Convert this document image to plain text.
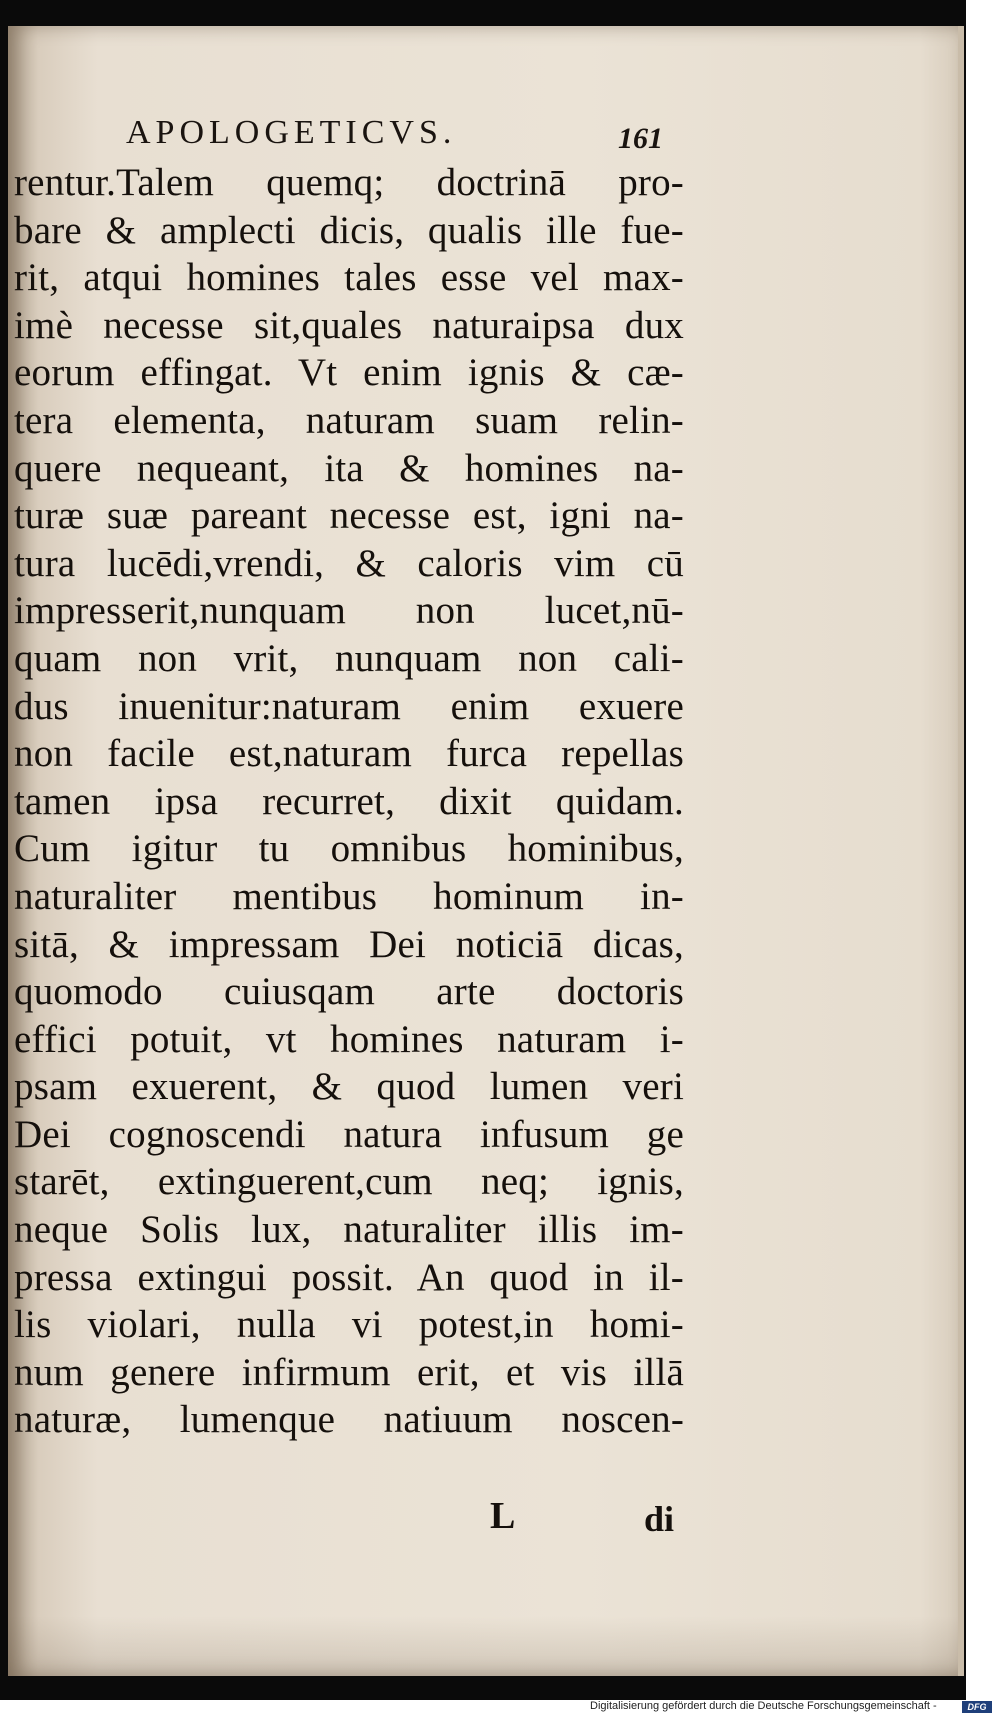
APOLOGETICVS.	161
rentur.Talem quemq; doctrinā pro-
bare & amplecti dicis, qualis ille fue-
rit, atqui homines tales esse vel max-
imè necesse sit,quales naturaipsa dux
eorum effingat. Vt enim ignis & cæ-
tera elementa, naturam suam relin-
quere nequeant, ita & homines na-
turæ suæ pareant necesse est, igni na-
tura lucēdi,vrendi, & caloris vim cū
impresserit,nunquam non lucet,nū-
quam non vrit, nunquam non cali-
dus inuenitur:naturam enim exuere
non facile est,naturam furca repellas
tamen ipsa recurret, dixit quidam.
Cum igitur tu omnibus hominibus,
naturaliter mentibus hominum in-
sitā, & impressam Dei noticiā dicas,
quomodo cuiusqam arte doctoris
effici potuit, vt homines naturam i-
psam exuerent, & quod lumen veri
Dei cognoscendi natura infusum ge
starēt, extinguerent,cum neq; ignis,
neque Solis lux, naturaliter illis im-
pressa extingui possit. An quod in il-
lis violari, nulla vi potest,in homi-
num genere infirmum erit, et vis illā
naturæ, lumenque natiuum noscen-
L	di
Digitalisierung gefördert durch die Deutsche Forschungsgemeinschaft -	DFG
